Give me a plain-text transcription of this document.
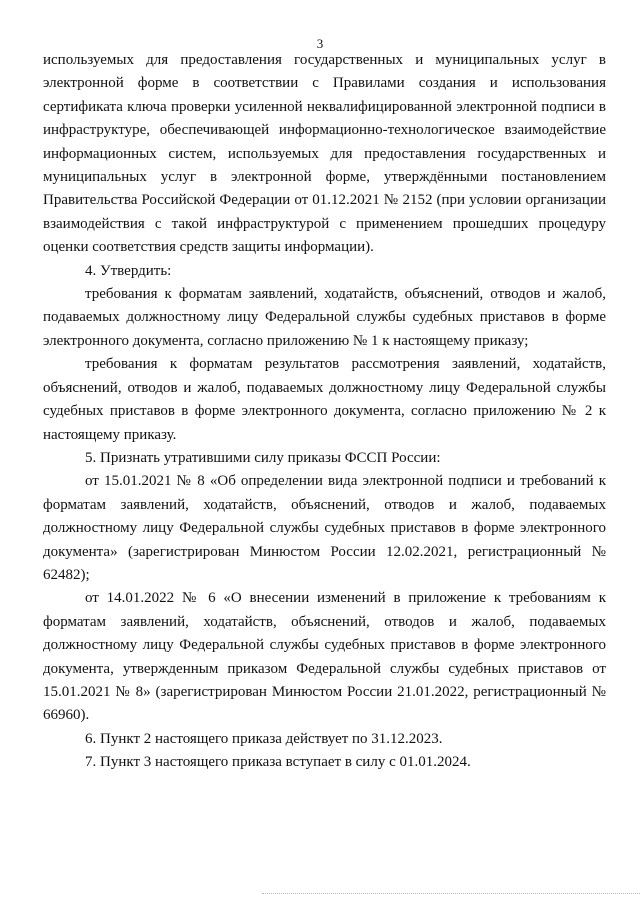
3

используемых для предоставления государственных и муниципальных услуг в электронной форме в соответствии с Правилами создания и использования сертификата ключа проверки усиленной неквалифицированной электронной подписи в инфраструктуре, обеспечивающей информационно-технологическое взаимодействие информационных систем, используемых для предоставления государственных и муниципальных услуг в электронной форме, утверждёнными постановлением Правительства Российской Федерации от 01.12.2021 № 2152 (при условии организации взаимодействия с такой инфраструктурой с применением прошедших процедуру оценки соответствия средств защиты информации).

4. Утвердить:

требования к форматам заявлений, ходатайств, объяснений, отводов и жалоб, подаваемых должностному лицу Федеральной службы судебных приставов в форме электронного документа, согласно приложению № 1 к настоящему приказу;

требования к форматам результатов рассмотрения заявлений, ходатайств, объяснений, отводов и жалоб, подаваемых должностному лицу Федеральной службы судебных приставов в форме электронного документа, согласно приложению № 2 к настоящему приказу.

5. Признать утратившими силу приказы ФССП России:

от 15.01.2021 № 8 «Об определении вида электронной подписи и требований к форматам заявлений, ходатайств, объяснений, отводов и жалоб, подаваемых должностному лицу Федеральной службы судебных приставов в форме электронного документа» (зарегистрирован Минюстом России 12.02.2021, регистрационный № 62482);

от 14.01.2022 № 6 «О внесении изменений в приложение к требованиям к форматам заявлений, ходатайств, объяснений, отводов и жалоб, подаваемых должностному лицу Федеральной службы судебных приставов в форме электронного документа, утвержденным приказом Федеральной службы судебных приставов от 15.01.2021 № 8» (зарегистрирован Минюстом России 21.01.2022, регистрационный № 66960).

6. Пункт 2 настоящего приказа действует по 31.12.2023.

7. Пункт 3 настоящего приказа вступает в силу с 01.01.2024.
